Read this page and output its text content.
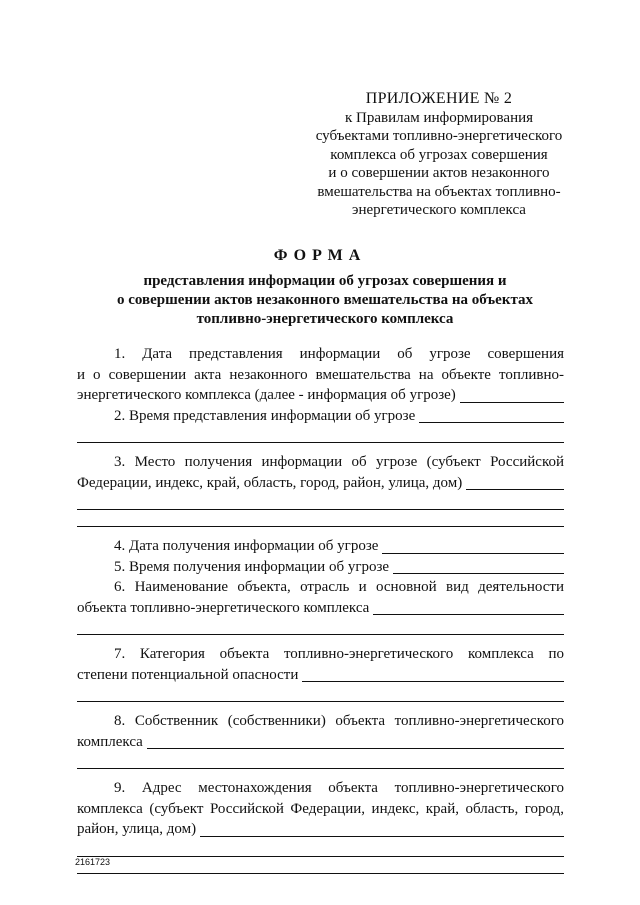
ПРИЛОЖЕНИЕ № 2
к Правилам информирования
субъектами топливно-энергетического
комплекса об угрозах совершения
и о совершении актов незаконного
вмешательства на объектах топливно-
энергетического комплекса
ФОРМА
представления информации об угрозах совершения и
о совершении актов незаконного вмешательства на объектах
топливно-энергетического комплекса
1. Дата представления информации об угрозе совершения
и о совершении акта незаконного вмешательства на объекте топливно-
энергетического комплекса (далее - информация об угрозе)
2. Время представления информации об угрозе
3. Место получения информации об угрозе (субъект Российской
Федерации, индекс, край, область, город, район, улица, дом)
4. Дата получения информации об угрозе
5. Время получения информации об угрозе
6. Наименование объекта, отрасль и основной вид деятельности
объекта топливно-энергетического комплекса
7. Категория объекта топливно-энергетического комплекса по
степени потенциальной опасности
8. Собственник (собственники) объекта топливно-энергетического
комплекса
9. Адрес местонахождения объекта топливно-энергетического
комплекса (субъект Российской Федерации, индекс, край, область, город,
район, улица, дом)
2161723
